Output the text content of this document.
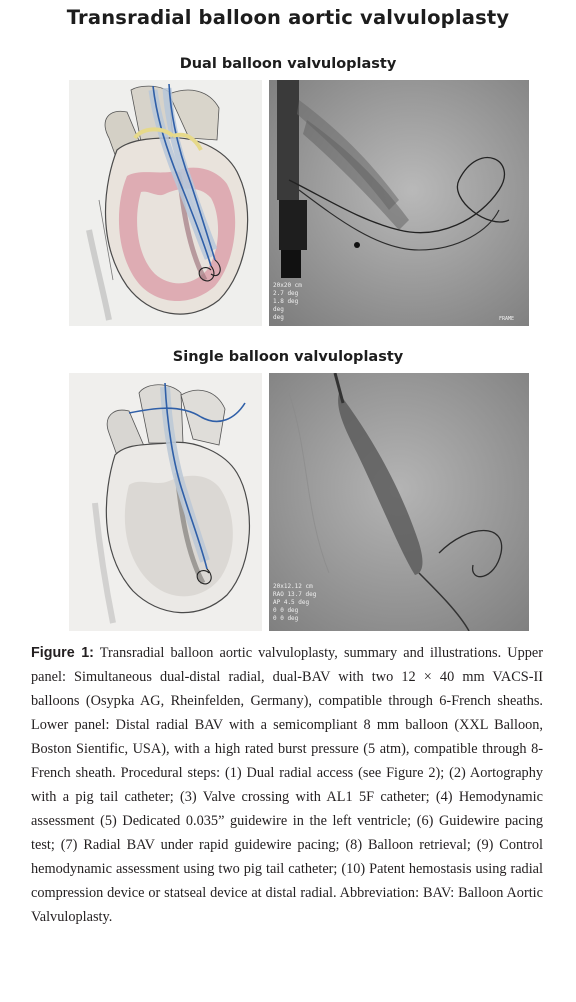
Transradial balloon aortic valvuloplasty
Dual balloon valvuloplasty
20x20 cm
2.7 deg
1.8 deg
deg
deg	FRAME
Single balloon valvuloplasty
20x12.12 cm
RAO 13.7 deg
AP 4.5 deg
0 0 deg
0 0 deg
Figure 1: Transradial balloon aortic valvuloplasty, summary and illustrations. Upper panel: Simultaneous dual-distal radial, dual-BAV with two 12 × 40 mm VACS-II balloons (Osypka AG, Rheinfelden, Germany), compatible through 6-French sheaths. Lower panel: Distal radial BAV with a semicompliant 8 mm balloon (XXL Balloon, Boston Sientific, USA), with a high rated burst pressure (5 atm), compatible through 8-French sheath. Procedural steps: (1) Dual radial access (see Figure 2); (2) Aortography with a pig tail catheter; (3) Valve crossing with AL1 5F catheter; (4) Hemodynamic assessment (5) Dedicated 0.035” guidewire in the left ventricle; (6) Guidewire pacing test; (7) Radial BAV under rapid guidewire pacing; (8) Balloon retrieval; (9) Control hemodynamic assessment using two pig tail catheter; (10) Patent hemostasis using radial compression device or statseal device at distal radial. Abbreviation: BAV: Balloon Aortic Valvuloplasty.
